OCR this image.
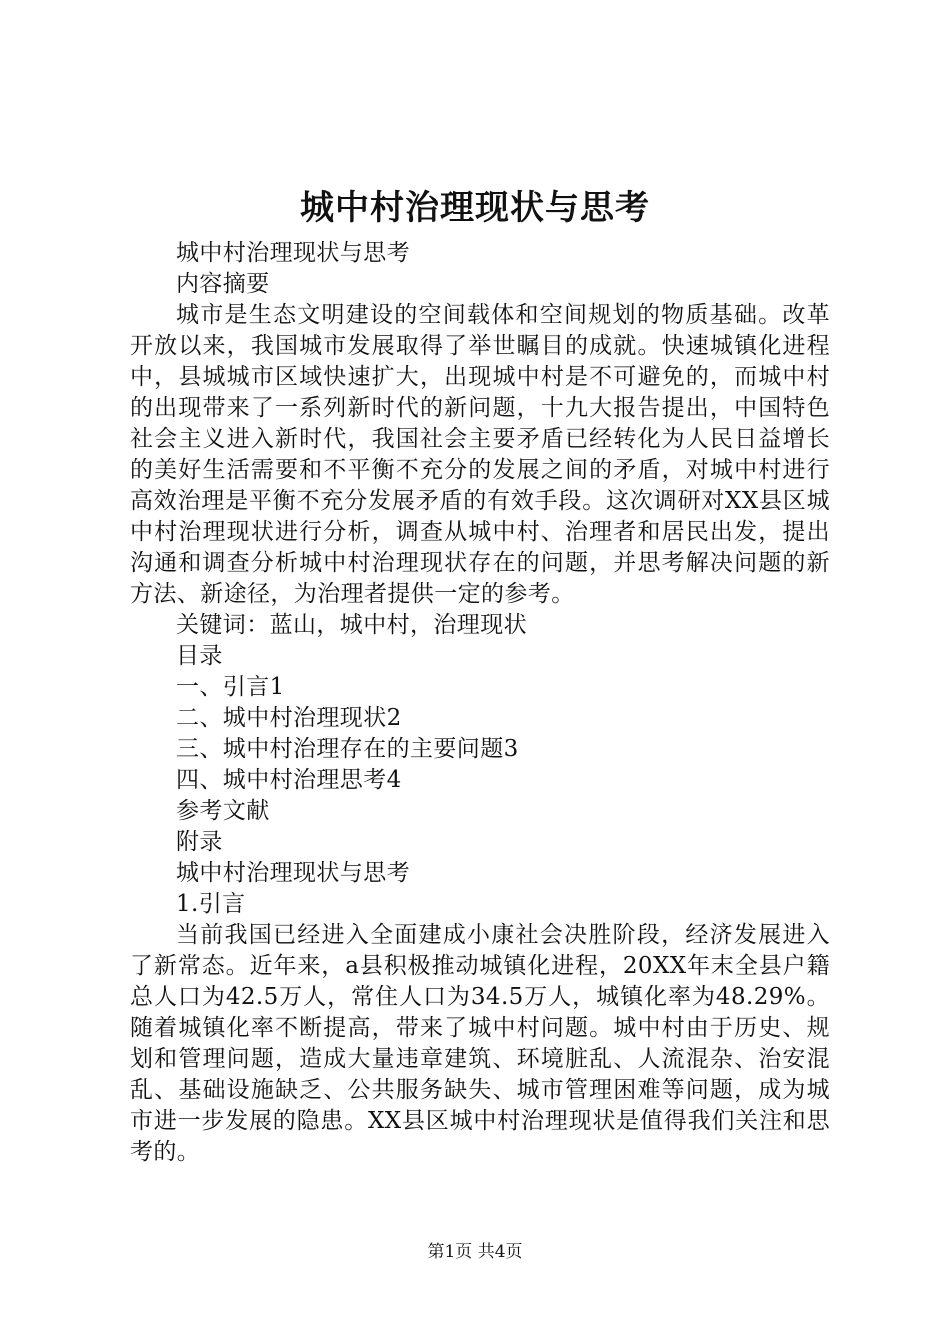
城中村治理现状与思考

城中村治理现状与思考

内容摘要

城市是生态文明建设的空间载体和空间规划的物质基础。改革开放以来，我国城市发展取得了举世瞩目的成就。快速城镇化进程中，县城城市区域快速扩大，出现城中村是不可避免的，而城中村的出现带来了一系列新时代的新问题，十九大报告提出，中国特色社会主义进入新时代，我国社会主要矛盾已经转化为人民日益增长的美好生活需要和不平衡不充分的发展之间的矛盾，对城中村进行高效治理是平衡不充分发展矛盾的有效手段。这次调研对XX县区城中村治理现状进行分析，调查从城中村、治理者和居民出发，提出沟通和调查分析城中村治理现状存在的问题，并思考解决问题的新方法、新途径，为治理者提供一定的参考。

关键词：蓝山，城中村，治理现状

目录

一、引言1

二、城中村治理现状2

三、城中村治理存在的主要问题3

四、城中村治理思考4

参考文献

附录

城中村治理现状与思考

1.引言

当前我国已经进入全面建成小康社会决胜阶段，经济发展进入了新常态。近年来，a县积极推动城镇化进程，20XX年末全县户籍总人口为42.5万人，常住人口为34.5万人，城镇化率为48.29%。随着城镇化率不断提高，带来了城中村问题。城中村由于历史、规划和管理问题，造成大量违章建筑、环境脏乱、人流混杂、治安混乱、基础设施缺乏、公共服务缺失、城市管理困难等问题，成为城市进一步发展的隐患。XX县区城中村治理现状是值得我们关注和思考的。

第1页 共4页
